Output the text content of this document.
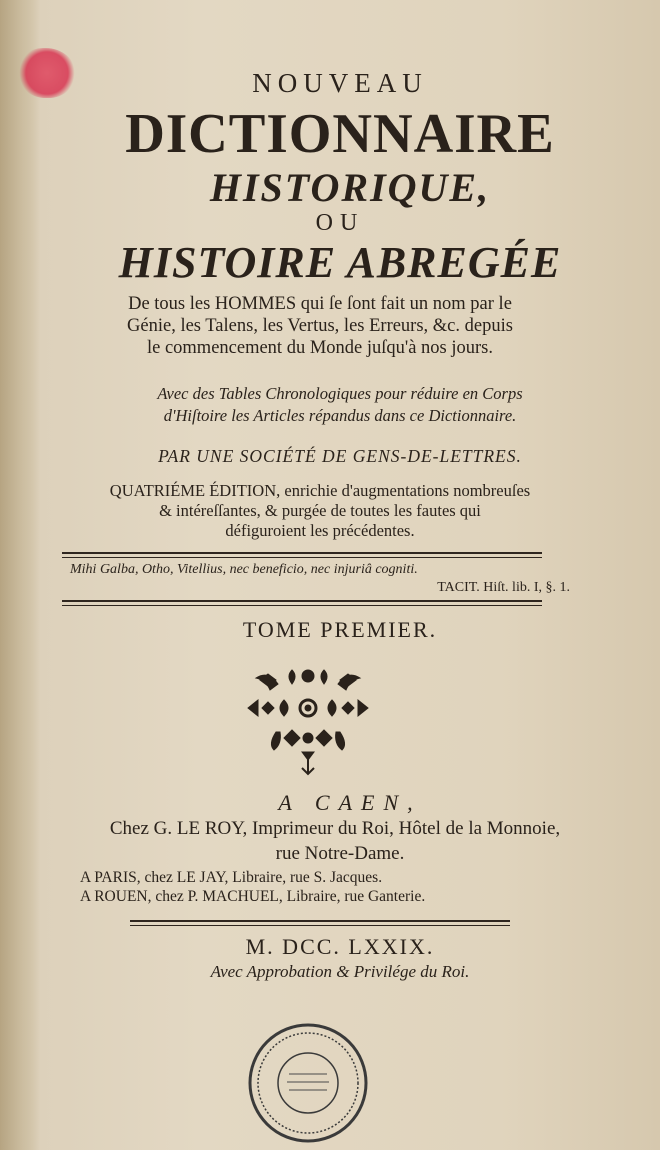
NOUVEAU
DICTIONNAIRE
HISTORIQUE,
OU
HISTOIRE ABREGÉE
De tous les HOMMES qui ſe ſont fait un nom par le
Génie, les Talens, les Vertus, les Erreurs, &c. depuis
le commencement du Monde juſqu'à nos jours.
Avec des Tables Chronologiques pour réduire en Corps
d'Hiſtoire les Articles répandus dans ce Dictionnaire.
PAR UNE SOCIÉTÉ DE GENS-DE-LETTRES.
QUATRIÉME ÉDITION, enrichie d'augmentations nombreuſes
& intéreſſantes, & purgée de toutes les fautes qui
défiguroient les précédentes.
Mihi Galba, Otho, Vitellius, nec beneficio, nec injuriâ cogniti.
TACIT. Hiſt. lib. I, §. 1.
TOME PREMIER.
A CAEN,
Chez G. LE ROY, Imprimeur du Roi, Hôtel de la Monnoie,
rue Notre-Dame.
A PARIS, chez LE JAY, Libraire, rue S. Jacques.
A ROUEN, chez P. MACHUEL, Libraire, rue Ganterie.
M. DCC. LXXIX.
Avec Approbation & Privilége du Roi.
